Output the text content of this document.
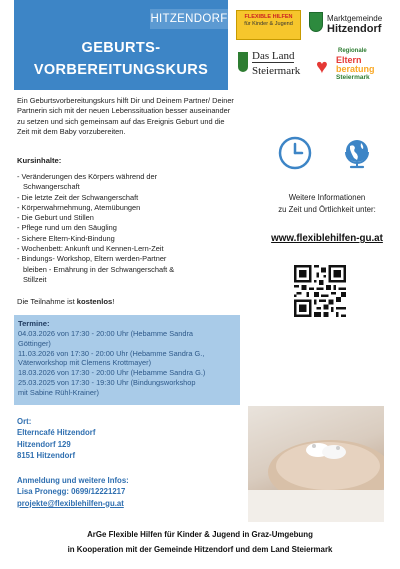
HITZENDORF
GEBURTS-
VORBEREITUNGSKURS
FLEXIBLE HILFEN
für Kinder & Jugend
Marktgemeinde
Hitzendorf
Das Land
Steiermark ♥
Regionale
Eltern
beratung
Steiermark

Ein Geburtsvorbereitungskurs hilft Dir und Deinem Partner/ Deiner Partnerin sich mit der neuen Lebenssituation besser auseinander zu setzen und sich gemeinsam auf das Ereignis Geburt und die Zeit mit dem Baby vorzubereiten.

Kursinhalte:
- Veränderungen des Körpers während der
Schwangerschaft
- Die letzte Zeit der Schwangerschaft
- Körperwahrnehmung, Atemübungen
- Die Geburt und Stillen
- Pflege rund um den Säugling
- Sichere Eltern-Kind-Bindung
- Wochenbett: Ankunft und Kennen-Lern-Zeit
- Bindungs- Workshop, Eltern werden-Partner
bleiben - Ernährung in der Schwangerschaft &
Stillzeit
Die Teilnahme ist kostenlos!
Termine:
04.03.2026 von 17:30 - 20:00 Uhr (Hebamme Sandra
Göttinger)
11.03.2026 von 17:30 - 20:00 Uhr (Hebamme Sandra G.,
Väterworkshop mit Clemens Krottmayer)
18.03.2026 von 17:30 - 20:00 Uhr (Hebamme Sandra G.)
25.03.2025 von 17:30 - 19:30 Uhr (Bindungsworkshop
mit Sabine Rühl-Krainer)
Ort:
Elterncafé Hitzendorf
Hitzendorf 129
8151 Hitzendorf
Anmeldung und weitere Infos:
Lisa Pronegg: 0699/12221217
projekte@flexiblehilfen-gu.at
Weitere Informationen
zu Zeit und Örtlichkeit unter:
www.flexiblehilfen-gu.at
ArGe Flexible Hilfen für Kinder & Jugend in Graz-Umgebung
in Kooperation mit der Gemeinde Hitzendorf und dem Land Steiermark
